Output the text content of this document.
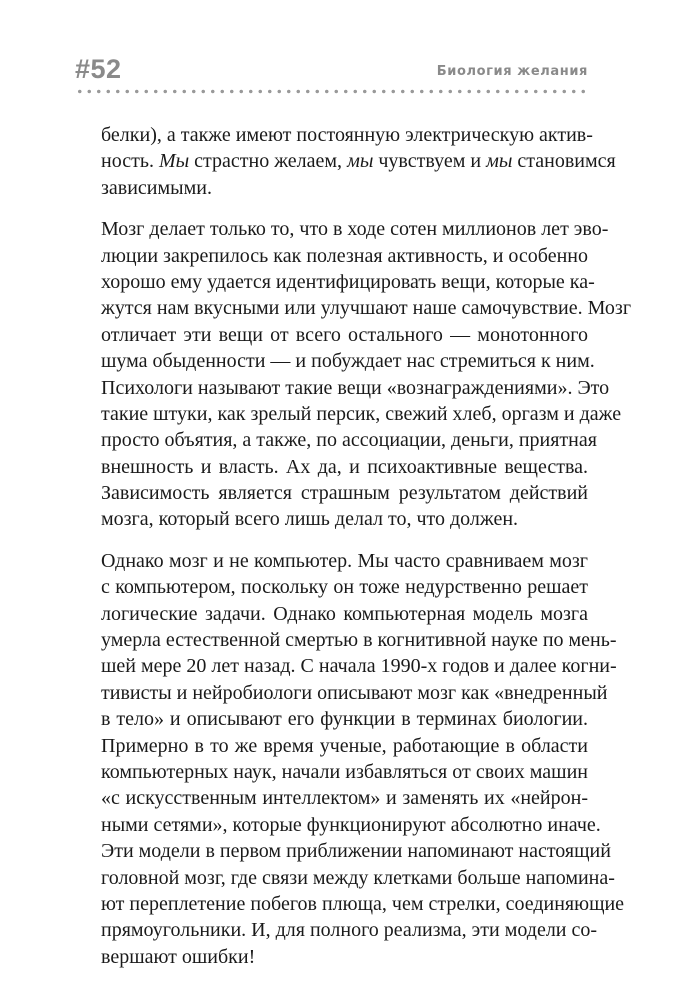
#52	Биология желания
белки), а также имеют постоянную электрическую актив-
ность. Мы страстно желаем, мы чувствуем и мы становимся
зависимыми.
Мозг делает только то, что в ходе сотен миллионов лет эво-
люции закрепилось как полезная активность, и особенно
хорошо ему удается идентифицировать вещи, которые ка-
жутся нам вкусными или улучшают наше самочувствие. Мозг
отличает эти вещи от всего остального — монотонного
шума обыденности — и побуждает нас стремиться к ним.
Психологи называют такие вещи «вознаграждениями». Это
такие штуки, как зрелый персик, свежий хлеб, оргазм и даже
просто объятия, а также, по ассоциации, деньги, приятная
внешность и власть. Ах да, и психоактивные вещества.
Зависимость является страшным результатом действий
мозга, который всего лишь делал то, что должен.
Однако мозг и не компьютер. Мы часто сравниваем мозг
с компьютером, поскольку он тоже недурственно решает
логические задачи. Однако компьютерная модель мозга
умерла естественной смертью в когнитивной науке по мень-
шей мере 20 лет назад. С начала 1990-х годов и далее когни-
тивисты и нейробиологи описывают мозг как «внедренный
в тело» и описывают его функции в терминах биологии.
Примерно в то же время ученые, работающие в области
компьютерных наук, начали избавляться от своих машин
«с искусственным интеллектом» и заменять их «нейрон-
ными сетями», которые функционируют абсолютно иначе.
Эти модели в первом приближении напоминают настоящий
головной мозг, где связи между клетками больше напомина-
ют переплетение побегов плюща, чем стрелки, соединяющие
прямоугольники. И, для полного реализма, эти модели со-
вершают ошибки!
